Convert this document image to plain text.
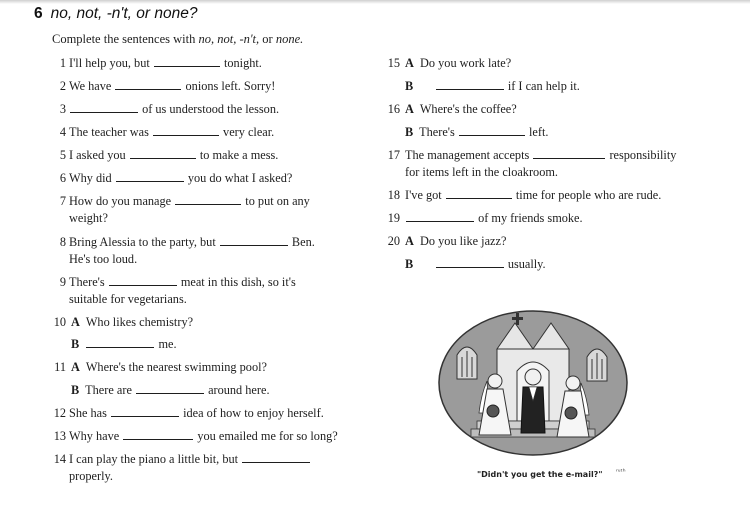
6 no, not, -n't, or none?
Complete the sentences with no, not, -n't, or none.
1 I'll help you, but	tonight.
2 We have	onions left. Sorry!
3	of us understood the lesson.
4 The teacher was	very clear.
5 I asked you	to make a mess.
6 Why did	you do what I asked?
7 How do you manage	to put on any
weight?
8 Bring Alessia to the party, but	Ben.
He's too loud.
9 There's	meat in this dish, so it's
suitable for vegetarians.
10 A Who likes chemistry?
B	me.
11 A Where's the nearest swimming pool?
B There are	around here.
12 She has	idea of how to enjoy herself.
13 Why have	you emailed me for so long?
14 I can play the piano a little bit, but
properly.
15 A Do you work late?
B	if I can help it.
16 A Where's the coffee?
B There's	left.
17 The management accepts	responsibility
for items left in the cloakroom.
18 I've got	time for people who are rude.
19	of my friends smoke.
20 A Do you like jazz?
B	usually.
"Didn't you get the e-mail?" ʳᵘᵗʰ
